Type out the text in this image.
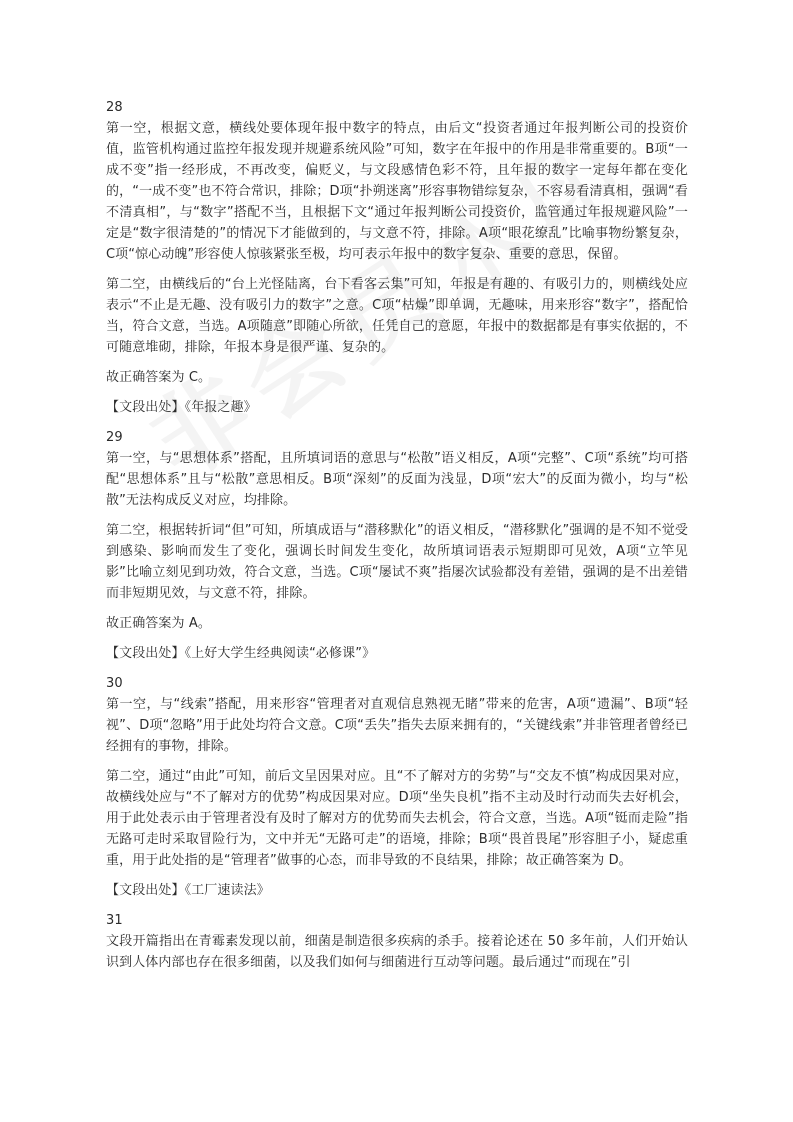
28

第一空，根据文意，横线处要体现年报中数字的特点，由后文“投资者通过年报判断公司的投资价值，监管机构通过监控年报发现并规避系统风险”可知，数字在年报中的作用是非常重要的。B项“一成不变”指一经形成，不再改变，偏贬义，与文段感情色彩不符，且年报的数字一定每年都在变化的，“一成不变”也不符合常识，排除；D项“扑朔迷离”形容事物错综复杂，不容易看清真相，强调“看不清真相”，与“数字”搭配不当，且根据下文“通过年报判断公司投资价，监管通过年报规避风险”一定是“数字很清楚的”的情况下才能做到的，与文意不符，排除。A项“眼花缭乱”比喻事物纷繁复杂，C项“惊心动魄”形容使人惊骇紧张至极，均可表示年报中的数字复杂、重要的意思，保留。

第二空，由横线后的“台上光怪陆离，台下看客云集”可知，年报是有趣的、有吸引力的，则横线处应表示“不止是无趣、没有吸引力的数字”之意。C项“枯燥”即单调，无趣味，用来形容“数字”，搭配恰当，符合文意，当选。A项随意”即随心所欲，任凭自己的意愿，年报中的数据都是有事实依据的，不可随意堆砌，排除，年报本身是很严谨、复杂的。

故正确答案为 C。

【文段出处】《年报之趣》

29

第一空，与“思想体系”搭配，且所填词语的意思与“松散”语义相反，A项“完整”、C项“系统”均可搭配“思想体系”且与“松散”意思相反。B项“深刻”的反面为浅显，D项“宏大”的反面为微小，均与“松散”无法构成反义对应，均排除。

第二空，根据转折词“但”可知，所填成语与“潜移默化”的语义相反，“潜移默化”强调的是不知不觉受到感染、影响而发生了变化，强调长时间发生变化，故所填词语表示短期即可见效，A项“立竿见影”比喻立刻见到功效，符合文意，当选。C项“屡试不爽”指屡次试验都没有差错，强调的是不出差错而非短期见效，与文意不符，排除。

故正确答案为 A。

【文段出处】《上好大学生经典阅读“必修课”》

30

第一空，与“线索”搭配，用来形容“管理者对直观信息熟视无睹”带来的危害，A项“遗漏”、B项“轻视”、D项“忽略”用于此处均符合文意。C项“丢失”指失去原来拥有的，“关键线索”并非管理者曾经已经拥有的事物，排除。

第二空，通过“由此”可知，前后文呈因果对应。且“不了解对方的劣势”与“交友不慎”构成因果对应，故横线处应与“不了解对方的优势”构成因果对应。D项“坐失良机”指不主动及时行动而失去好机会，用于此处表示由于管理者没有及时了解对方的优势而失去机会，符合文意，当选。A项“铤而走险”指无路可走时采取冒险行为，文中并无“无路可走”的语境，排除；B项“畏首畏尾”形容胆子小，疑虑重重，用于此处指的是“管理者”做事的心态，而非导致的不良结果，排除；故正确答案为 D。

【文段出处】《工厂速读法》

31

文段开篇指出在青霉素发现以前，细菌是制造很多疾病的杀手。接着论述在 50 多年前，人们开始认识到人体内部也存在很多细菌，以及我们如何与细菌进行互动等问题。最后通过“而现在”引
